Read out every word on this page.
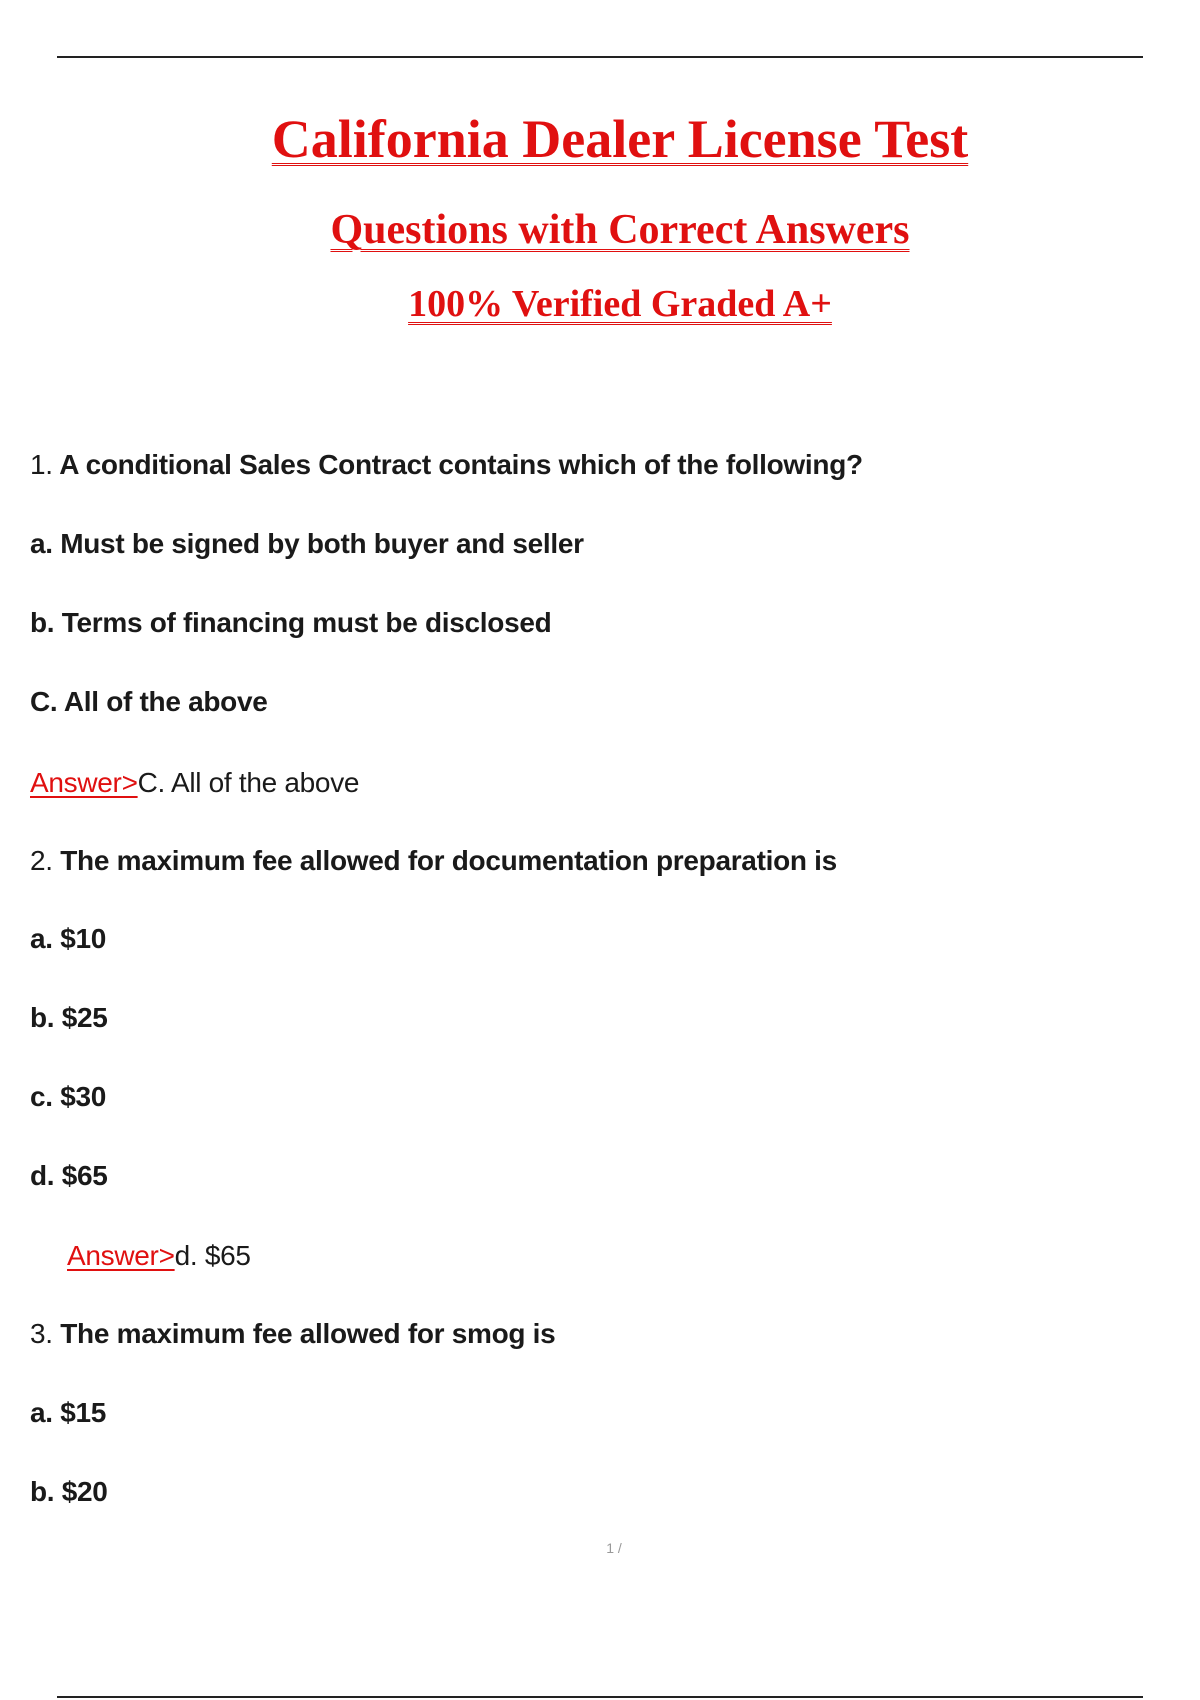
California Dealer License Test
Questions with Correct Answers
100% Verified Graded A+
1. A conditional Sales Contract contains which of the following?
a. Must be signed by both buyer and seller
b. Terms of financing must be disclosed
C. All of the above
Answer>C. All of the above
2. The maximum fee allowed for documentation preparation is
a. $10
b. $25
c. $30
d. $65
Answer>d. $65
3. The maximum fee allowed for smog is
a. $15
b. $20
1 /
